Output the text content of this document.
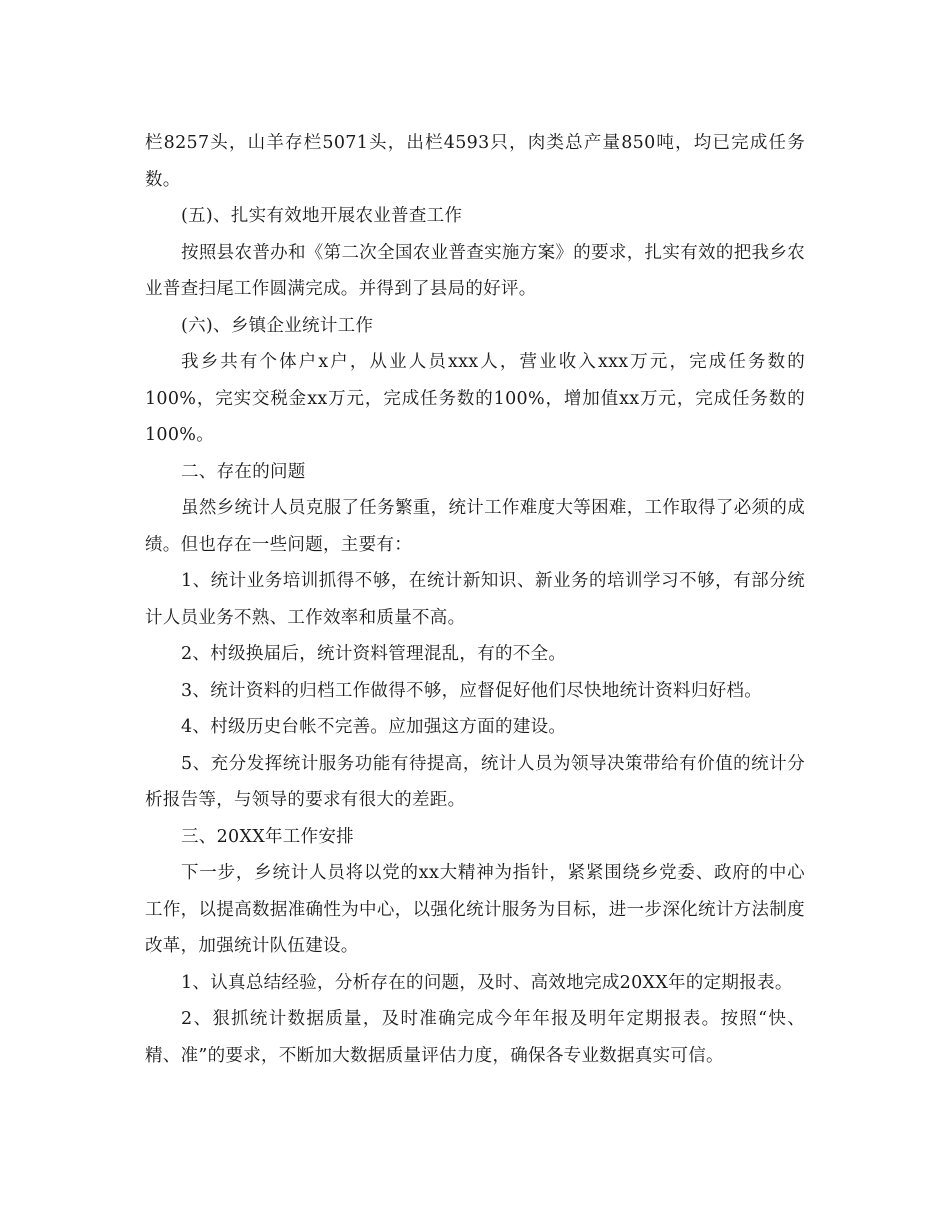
栏8257头，山羊存栏5071头，出栏4593只，肉类总产量850吨，均已完成任务数。

(五)、扎实有效地开展农业普查工作

按照县农普办和《第二次全国农业普查实施方案》的要求，扎实有效的把我乡农业普查扫尾工作圆满完成。并得到了县局的好评。

(六)、乡镇企业统计工作

我乡共有个体户x户，从业人员xxx人，营业收入xxx万元，完成任务数的100%，完实交税金xx万元，完成任务数的100%，增加值xx万元，完成任务数的100%。

二、存在的问题

虽然乡统计人员克服了任务繁重，统计工作难度大等困难，工作取得了必须的成绩。但也存在一些问题，主要有：

1、统计业务培训抓得不够，在统计新知识、新业务的培训学习不够，有部分统计人员业务不熟、工作效率和质量不高。

2、村级换届后，统计资料管理混乱，有的不全。

3、统计资料的归档工作做得不够，应督促好他们尽快地统计资料归好档。

4、村级历史台帐不完善。应加强这方面的建设。

5、充分发挥统计服务功能有待提高，统计人员为领导决策带给有价值的统计分析报告等，与领导的要求有很大的差距。

三、20XX年工作安排

下一步，乡统计人员将以党的xx大精神为指针，紧紧围绕乡党委、政府的中心工作，以提高数据准确性为中心，以强化统计服务为目标，进一步深化统计方法制度改革，加强统计队伍建设。

1、认真总结经验，分析存在的问题，及时、高效地完成20XX年的定期报表。

2、狠抓统计数据质量，及时准确完成今年年报及明年定期报表。按照“快、精、准”的要求，不断加大数据质量评估力度，确保各专业数据真实可信。
